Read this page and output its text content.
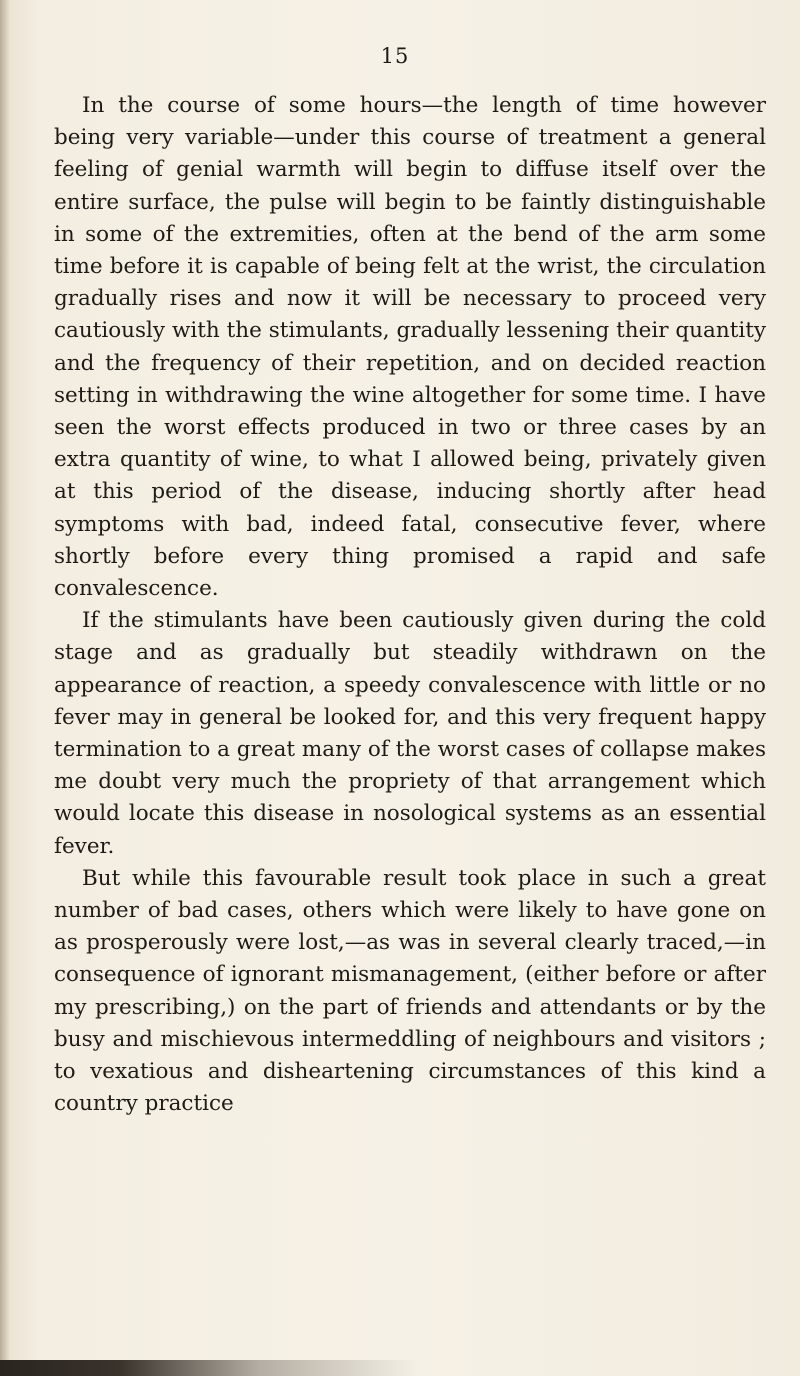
15

In the course of some hours—the length of time however being very variable—under this course of treatment a general feeling of genial warmth will begin to diffuse itself over the entire surface, the pulse will begin to be faintly distinguishable in some of the extremities, often at the bend of the arm some time before it is capable of being felt at the wrist, the circulation gradually rises and now it will be necessary to proceed very cautiously with the stimulants, gradually lessening their quantity and the frequency of their repetition, and on decided reaction setting in withdrawing the wine altogether for some time. I have seen the worst effects produced in two or three cases by an extra quantity of wine, to what I allowed being, privately given at this period of the disease, inducing shortly after head symptoms with bad, indeed fatal, consecutive fever, where shortly before every thing promised a rapid and safe convalescence.

If the stimulants have been cautiously given during the cold stage and as gradually but steadily withdrawn on the appearance of reaction, a speedy convalescence with little or no fever may in general be looked for, and this very frequent happy termination to a great many of the worst cases of collapse makes me doubt very much the propriety of that arrangement which would locate this disease in nosological systems as an essential fever.

But while this favourable result took place in such a great number of bad cases, others which were likely to have gone on as prosperously were lost,—as was in several clearly traced,—in consequence of ignorant mismanagement, (either before or after my prescribing,) on the part of friends and attendants or by the busy and mischievous intermeddling of neighbours and visitors ; to vexatious and disheartening circumstances of this kind a country practice
